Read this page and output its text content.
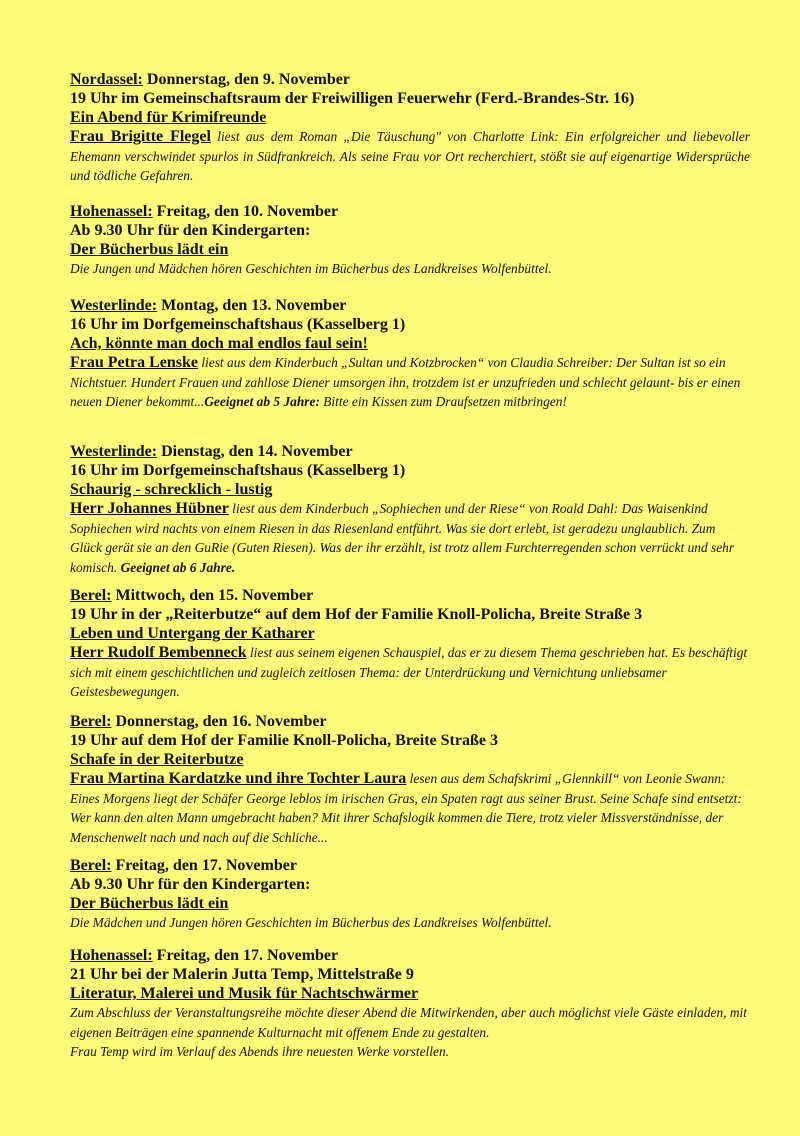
Nordassel: Donnerstag, den 9. November
19 Uhr im Gemeinschaftsraum der Freiwilligen Feuerwehr (Ferd.-Brandes-Str. 16)
Ein Abend für Krimifreunde
Frau Brigitte Flegel liest aus dem Roman „Die Täuschung" von Charlotte Link: Ein erfolgreicher und liebevoller Ehemann verschwindet spurlos in Südfrankreich. Als seine Frau vor Ort recherchiert, stößt sie auf eigenartige Widersprüche und tödliche Gefahren.
Hohenassel: Freitag, den 10. November
Ab 9.30 Uhr für den Kindergarten:
Der Bücherbus lädt ein
Die Jungen und Mädchen hören Geschichten im Bücherbus des Landkreises Wolfenbüttel.
Westerlinde: Montag, den 13. November
16 Uhr im Dorfgemeinschaftshaus (Kasselberg 1)
Ach, könnte man doch mal endlos faul sein!
Frau Petra Lenske liest aus dem Kinderbuch „Sultan und Kotzbrocken“ von Claudia Schreiber: Der Sultan ist so ein Nichtstuer. Hundert Frauen und zahllose Diener umsorgen ihn, trotzdem ist er unzufrieden und schlecht gelaunt- bis er einen neuen Diener bekommt...Geeignet ab 5 Jahre: Bitte ein Kissen zum Draufsetzen mitbringen!
Westerlinde: Dienstag, den 14. November
16 Uhr im Dorfgemeinschaftshaus (Kasselberg 1)
Schaurig - schrecklich - lustig
Herr Johannes Hübner liest aus dem Kinderbuch „Sophiechen und der Riese“ von Roald Dahl: Das Waisenkind Sophiechen wird nachts von einem Riesen in das Riesenland entführt. Was sie dort erlebt, ist geradezu unglaublich. Zum Glück gerät sie an den GuRie (Guten Riesen). Was der ihr erzählt, ist trotz allem Furchterregenden schon verrückt und sehr komisch. Geeignet ab 6 Jahre.
Berel: Mittwoch, den 15. November
19 Uhr in der „Reiterbutze“ auf dem Hof der Familie Knoll-Policha, Breite Straße 3
Leben und Untergang der Katharer
Herr Rudolf Bembenneck liest aus seinem eigenen Schauspiel, das er zu diesem Thema geschrieben hat. Es beschäftigt sich mit einem geschichtlichen und zugleich zeitlosen Thema: der Unterdrückung und Vernichtung unliebsamer Geistesbewegungen.
Berel: Donnerstag, den 16. November
19 Uhr auf dem Hof der Familie Knoll-Policha, Breite Straße 3
Schafe in der Reiterbutze
Frau Martina Kardatzke und ihre Tochter Laura lesen aus dem Schafskrimi „Glennkill“ von Leonie Swann: Eines Morgens liegt der Schäfer George leblos im irischen Gras, ein Spaten ragt aus seiner Brust. Seine Schafe sind entsetzt: Wer kann den alten Mann umgebracht haben? Mit ihrer Schafslogik kommen die Tiere, trotz vieler Missverständnisse, der Menschenwelt nach und nach auf die Schliche...
Berel: Freitag, den 17. November
Ab 9.30 Uhr für den Kindergarten:
Der Bücherbus lädt ein
Die Mädchen und Jungen hören Geschichten im Bücherbus des Landkreises Wolfenbüttel.
Hohenassel: Freitag, den 17. November
21 Uhr bei der Malerin Jutta Temp, Mittelstraße 9
Literatur, Malerei und Musik für Nachtschwärmer
Zum Abschluss der Veranstaltungsreihe möchte dieser Abend die Mitwirkenden, aber auch möglichst viele Gäste einladen, mit eigenen Beiträgen eine spannende Kulturnacht mit offenem Ende zu gestalten.
Frau Temp wird im Verlauf des Abends ihre neuesten Werke vorstellen.
